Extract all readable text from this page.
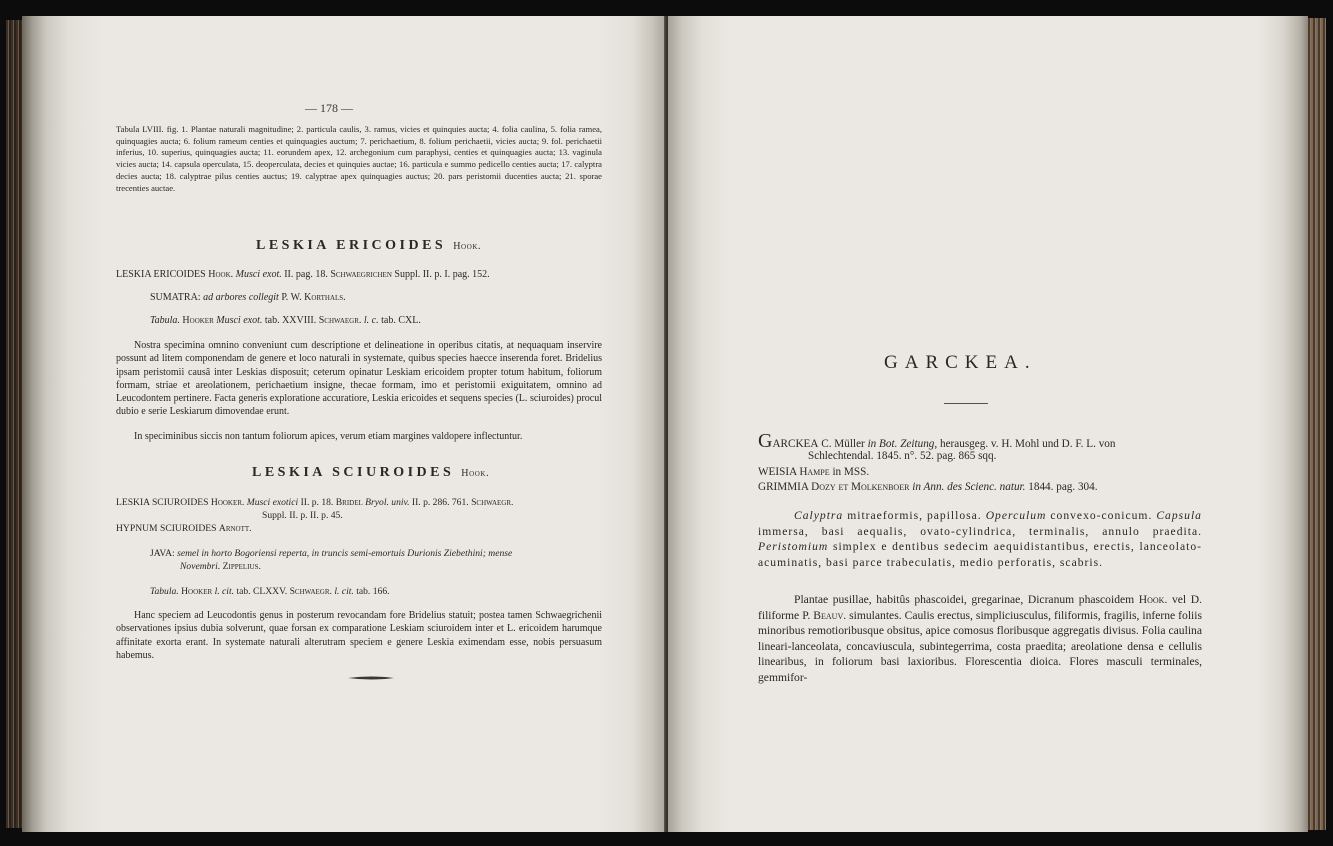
— 178 —

Tabula LVIII. fig. 1. Plantae naturali magnitudine; 2. particula caulis, 3. ramus, vicies et quinquies aucta; 4. folia caulina, 5. folia ramea, quinquagies aucta; 6. folium rameum centies et quinquagies auctum; 7. perichaetium, 8. folium perichaetii, vicies aucta; 9. fol. perichaetii inferius, 10. superius, quinquagies aucta; 11. eorundem apex, 12. archegonium cum paraphysi, centies et quinquagies aucta; 13. vaginula vicies aucta; 14. capsula operculata, 15. deoperculata, decies et quinquies auctae; 16. particula e summo pedicello centies aucta; 17. calyptra decies aucta; 18. calyptrae pilus centies auctus; 19. calyptrae apex quinquagies auctus; 20. pars peristomii ducenties aucta; 21. sporae trecenties auctae.

LESKIA ERICOIDES Hook.
LESKIA ERICOIDES Hook. Musci exot. II. pag. 18. Schwaegrichen Suppl. II. p. I. pag. 152.
SUMATRA: ad arbores collegit P. W. Korthals.
Tabula. Hooker Musci exot. tab. XXVIII. Schwaegr. l. c. tab. CXL.

Nostra specimina omnino conveniunt cum descriptione et delineatione in operibus citatis, at nequaquam inservire possunt ad litem componendam de genere et loco naturali in systemate, quibus species haecce inserenda foret. Bridelius ipsam peristomii causâ inter Leskias disposuit; ceterum opinatur Leskiam ericoidem propter totum habitum, foliorum formam, striae et areolationem, perichaetium insigne, thecae formam, imo et peristomii exiguitatem, omnino ad Leucodontem pertinere. Facta generis exploratione accuratiore, Leskia ericoides et sequens species (L. sciuroides) procul dubio e serie Leskiarum dimovendae erunt.

In speciminibus siccis non tantum foliorum apices, verum etiam margines valdopere inflectuntur.

LESKIA SCIUROIDES Hook.
LESKIA SCIUROIDES Hooker. Musci exotici II. p. 18. Bridel Bryol. univ. II. p. 286. 761. Schwaegr.
Suppl. II. p. II. p. 45.
HYPNUM SCIUROIDES Arnott.
JAVA: semel in horto Bogoriensi reperta, in truncis semi-emortuis Durionis Ziebethini; mense
Novembri. Zippelius.
Tabula. Hooker l. cit. tab. CLXXV. Schwaegr. l. cit. tab. 166.

Hanc speciem ad Leucodontis genus in posterum revocandam fore Bridelius statuit; postea tamen Schwaegrichenii observationes ipsius dubia solverunt, quae forsan ex comparatione Leskiam sciuroidem inter et L. ericoidem harumque affinitate exorta erant. In systemate naturali alterutram speciem e genere Leskia eximendam esse, nobis persuasum habemus.

GARCKEA.
GARCKEA C. Müller in Bot. Zeitung, herausgeg. v. H. Mohl und D. F. L. von
Schlechtendal. 1845. n°. 52. pag. 865 sqq.
WEISIA Hampe in MSS.
GRIMMIA Dozy et Molkenboer in Ann. des Scienc. natur. 1844. pag. 304.

Calyptra mitraeformis, papillosa. Operculum convexo-conicum. Capsula immersa, basi aequalis, ovato-cylindrica, terminalis, annulo praedita. Peristomium simplex e dentibus sedecim aequidistantibus, erectis, lanceolato-acuminatis, basi parce trabeculatis, medio perforatis, scabris.

Plantae pusillae, habitûs phascoidei, gregarinae, Dicranum phascoidem Hook. vel D. filiforme P. Beauv. simulantes. Caulis erectus, simpliciusculus, filiformis, fragilis, inferne foliis minoribus remotioribusque obsitus, apice comosus floribusque aggregatis divisus. Folia caulina lineari-lanceolata, concaviuscula, subintegerrima, costa praedita; areolatione densa e cellulis linearibus, in foliorum basi laxioribus. Florescentia dioica. Flores masculi terminales, gemmifor-
